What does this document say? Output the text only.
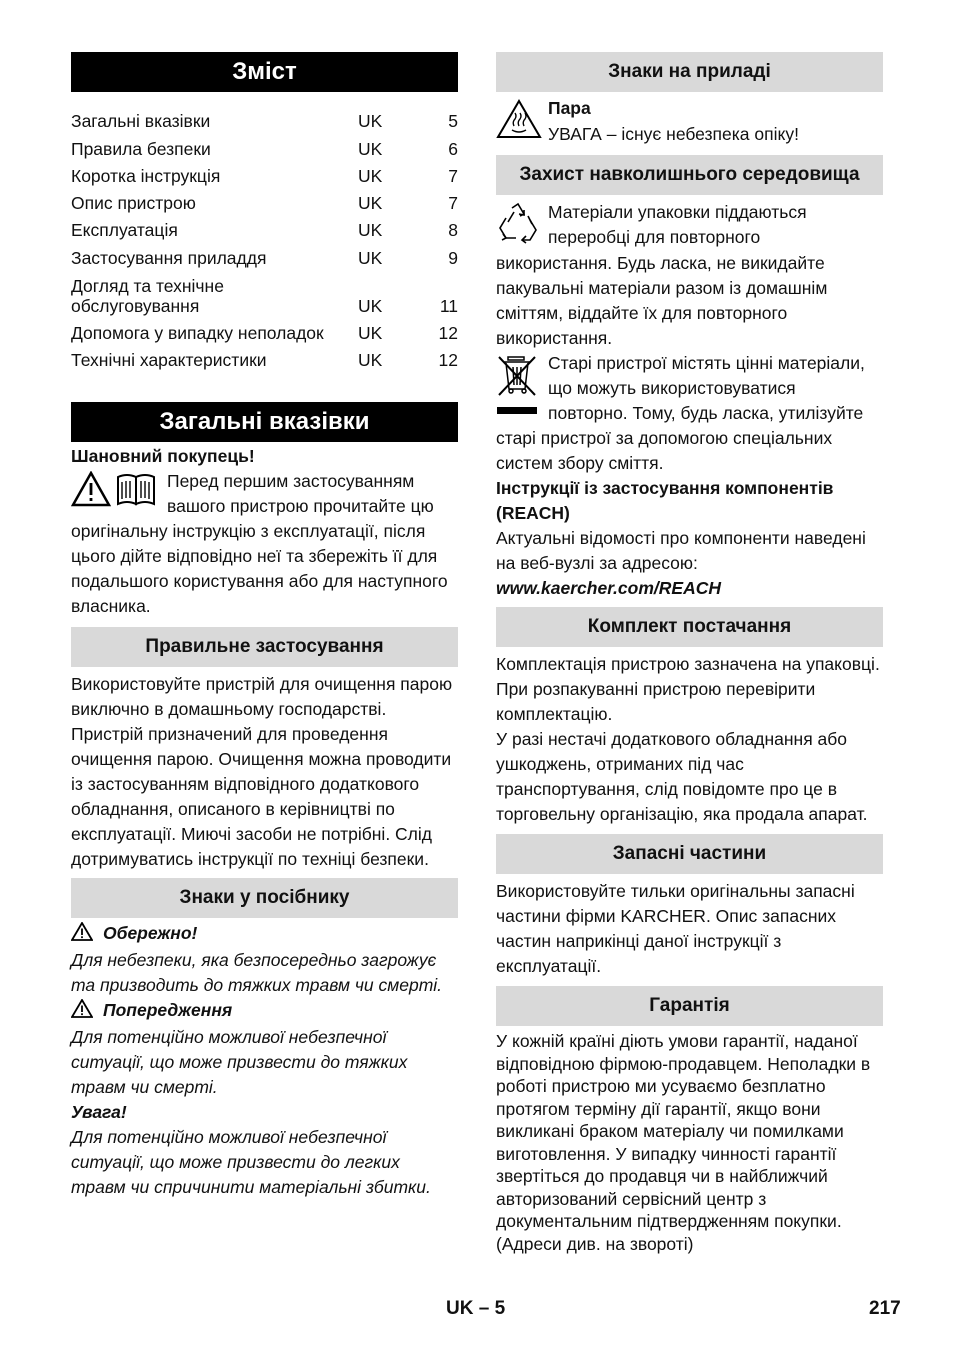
Зміст
Загальні вказівки	UK	5
Правила безпеки	UK	6
Коротка інструкція	UK	7
Опис пристрою	UK	7
Експлуатація	UK	8
Застосування приладдя	UK	9
Догляд та технічне
обслуговування	UK	11
Допомога у випадку неполадок	UK	12
Технічні характеристики	UK	12
Загальні вказівки

Шановний покупець!

Перед першим застосуванням

вашого пристрою прочитайте цю

оригінальну інструкцію з експлуатації, після цього дійте відповідно неї та збережіть її для подальшого користування або для наступного власника.

Правильне застосування

Використовуйте пристрій для очищення парою виключно в домашньому господарстві. Пристрій призначений для проведення очищення парою. Очищення можна проводити із застосуванням відповідного додаткового обладнання, описаного в керівництві по експлуатації. Миючі засоби не потрібні. Слід дотримуватись інструкції по техніці безпеки.

Знаки у посібнику

Обережно!

Для небезпеки, яка безпосередньо загрожує та призводить до тяжких травм чи смерті.

Попередження

Для потенційно можливої небезпечної ситуації, що може призвести до тяжких травм чи смерті.

Увага!

Для потенційно можливої небезпечної ситуації, що може призвести до легких травм чи спричинити матеріальні збитки.

Знаки на приладі

Пара

УВАГА – існує небезпека опіку!

Захист навколишнього середовища

Матеріали упаковки піддаються

переробці для повторного

використання. Будь ласка, не викидайте пакувальні матеріали разом із домашнім сміттям, віддайте їх для повторного використання.

Старі пристрої містять цінні матеріали,

що можуть використовуватися

повторно. Тому, будь ласка, утилізуйте

старі пристрої за допомогою спеціальних систем збору сміття.

Інструкції із застосування компонентів (REACH)

Актуальні відомості про компоненти наведені на веб-вузлі за адресою:

www.kaercher.com/REACH

Комплект постачання

Комплектація пристрою зазначена на упаковці. При розпакуванні пристрою перевірити комплектацію.

У разі нестачі додаткового обладнання або ушкоджень, отриманих під час транспортування, слід повідомте про це в торговельну організацію, яка продала апарат.

Запасні частини

Використовуйте тильки оригінальны запасні частини фірми KARCHER. Опис запасних частин наприкінці даної інструкції з експлуатації.

Гарантія

У кожній країні діють умови гарантії, наданої відповідною фірмою-продавцем. Неполадки в роботі пристрою ми усуваємо безплатно протягом терміну дії гарантії, якщо вони викликані браком матеріалу чи помилками виготовлення. У випадку чинності гарантії звертіться до продавця чи в найближчий авторизований сервісний центр з документальним підтвердженням покупки. (Адреси див. на звороті)

UK – 5	217
